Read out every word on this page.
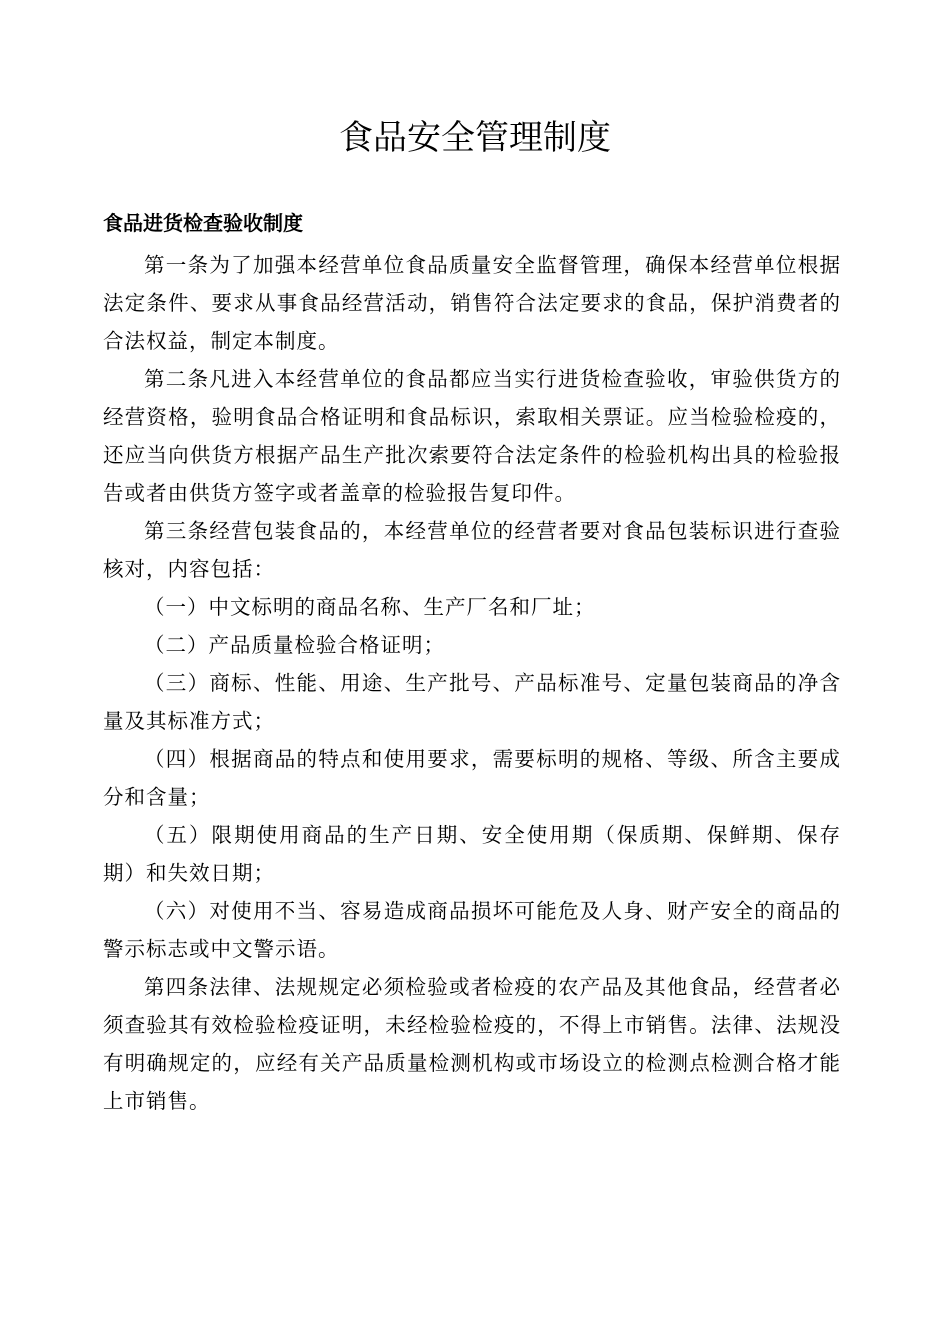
食品安全管理制度
食品进货检查验收制度

第一条为了加强本经营单位食品质量安全监督管理，确保本经营单位根据法定条件、要求从事食品经营活动，销售符合法定要求的食品，保护消费者的合法权益，制定本制度。

第二条凡进入本经营单位的食品都应当实行进货检查验收，审验供货方的经营资格，验明食品合格证明和食品标识，索取相关票证。应当检验检疫的，还应当向供货方根据产品生产批次索要符合法定条件的检验机构出具的检验报告或者由供货方签字或者盖章的检验报告复印件。

第三条经营包装食品的，本经营单位的经营者要对食品包装标识进行查验核对，内容包括：

（一）中文标明的商品名称、生产厂名和厂址；

（二）产品质量检验合格证明；

（三）商标、性能、用途、生产批号、产品标准号、定量包装商品的净含量及其标准方式；

（四）根据商品的特点和使用要求，需要标明的规格、等级、所含主要成分和含量；

（五）限期使用商品的生产日期、安全使用期（保质期、保鲜期、保存期）和失效日期；

（六）对使用不当、容易造成商品损坏可能危及人身、财产安全的商品的警示标志或中文警示语。

第四条法律、法规规定必须检验或者检疫的农产品及其他食品，经营者必须查验其有效检验检疫证明，未经检验检疫的，不得上市销售。法律、法规没有明确规定的，应经有关产品质量检测机构或市场设立的检测点检测合格才能上市销售。
